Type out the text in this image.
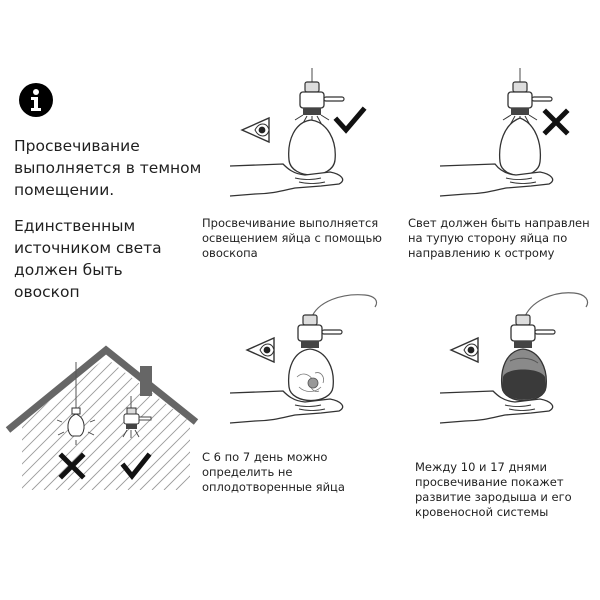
Просвечивание выполняется в темном помещении.
Единственным источником света должен быть овоскоп
Просвечивание выполняется освещением яйца с помощью овоскопа
Свет должен быть направлен на тупую сторону яйца по направлению к острому
С 6 по 7 день можно определить не оплодотворенные яйца
Между 10 и 17 днями просвечивание покажет развитие зародыша и его кровеносной системы
